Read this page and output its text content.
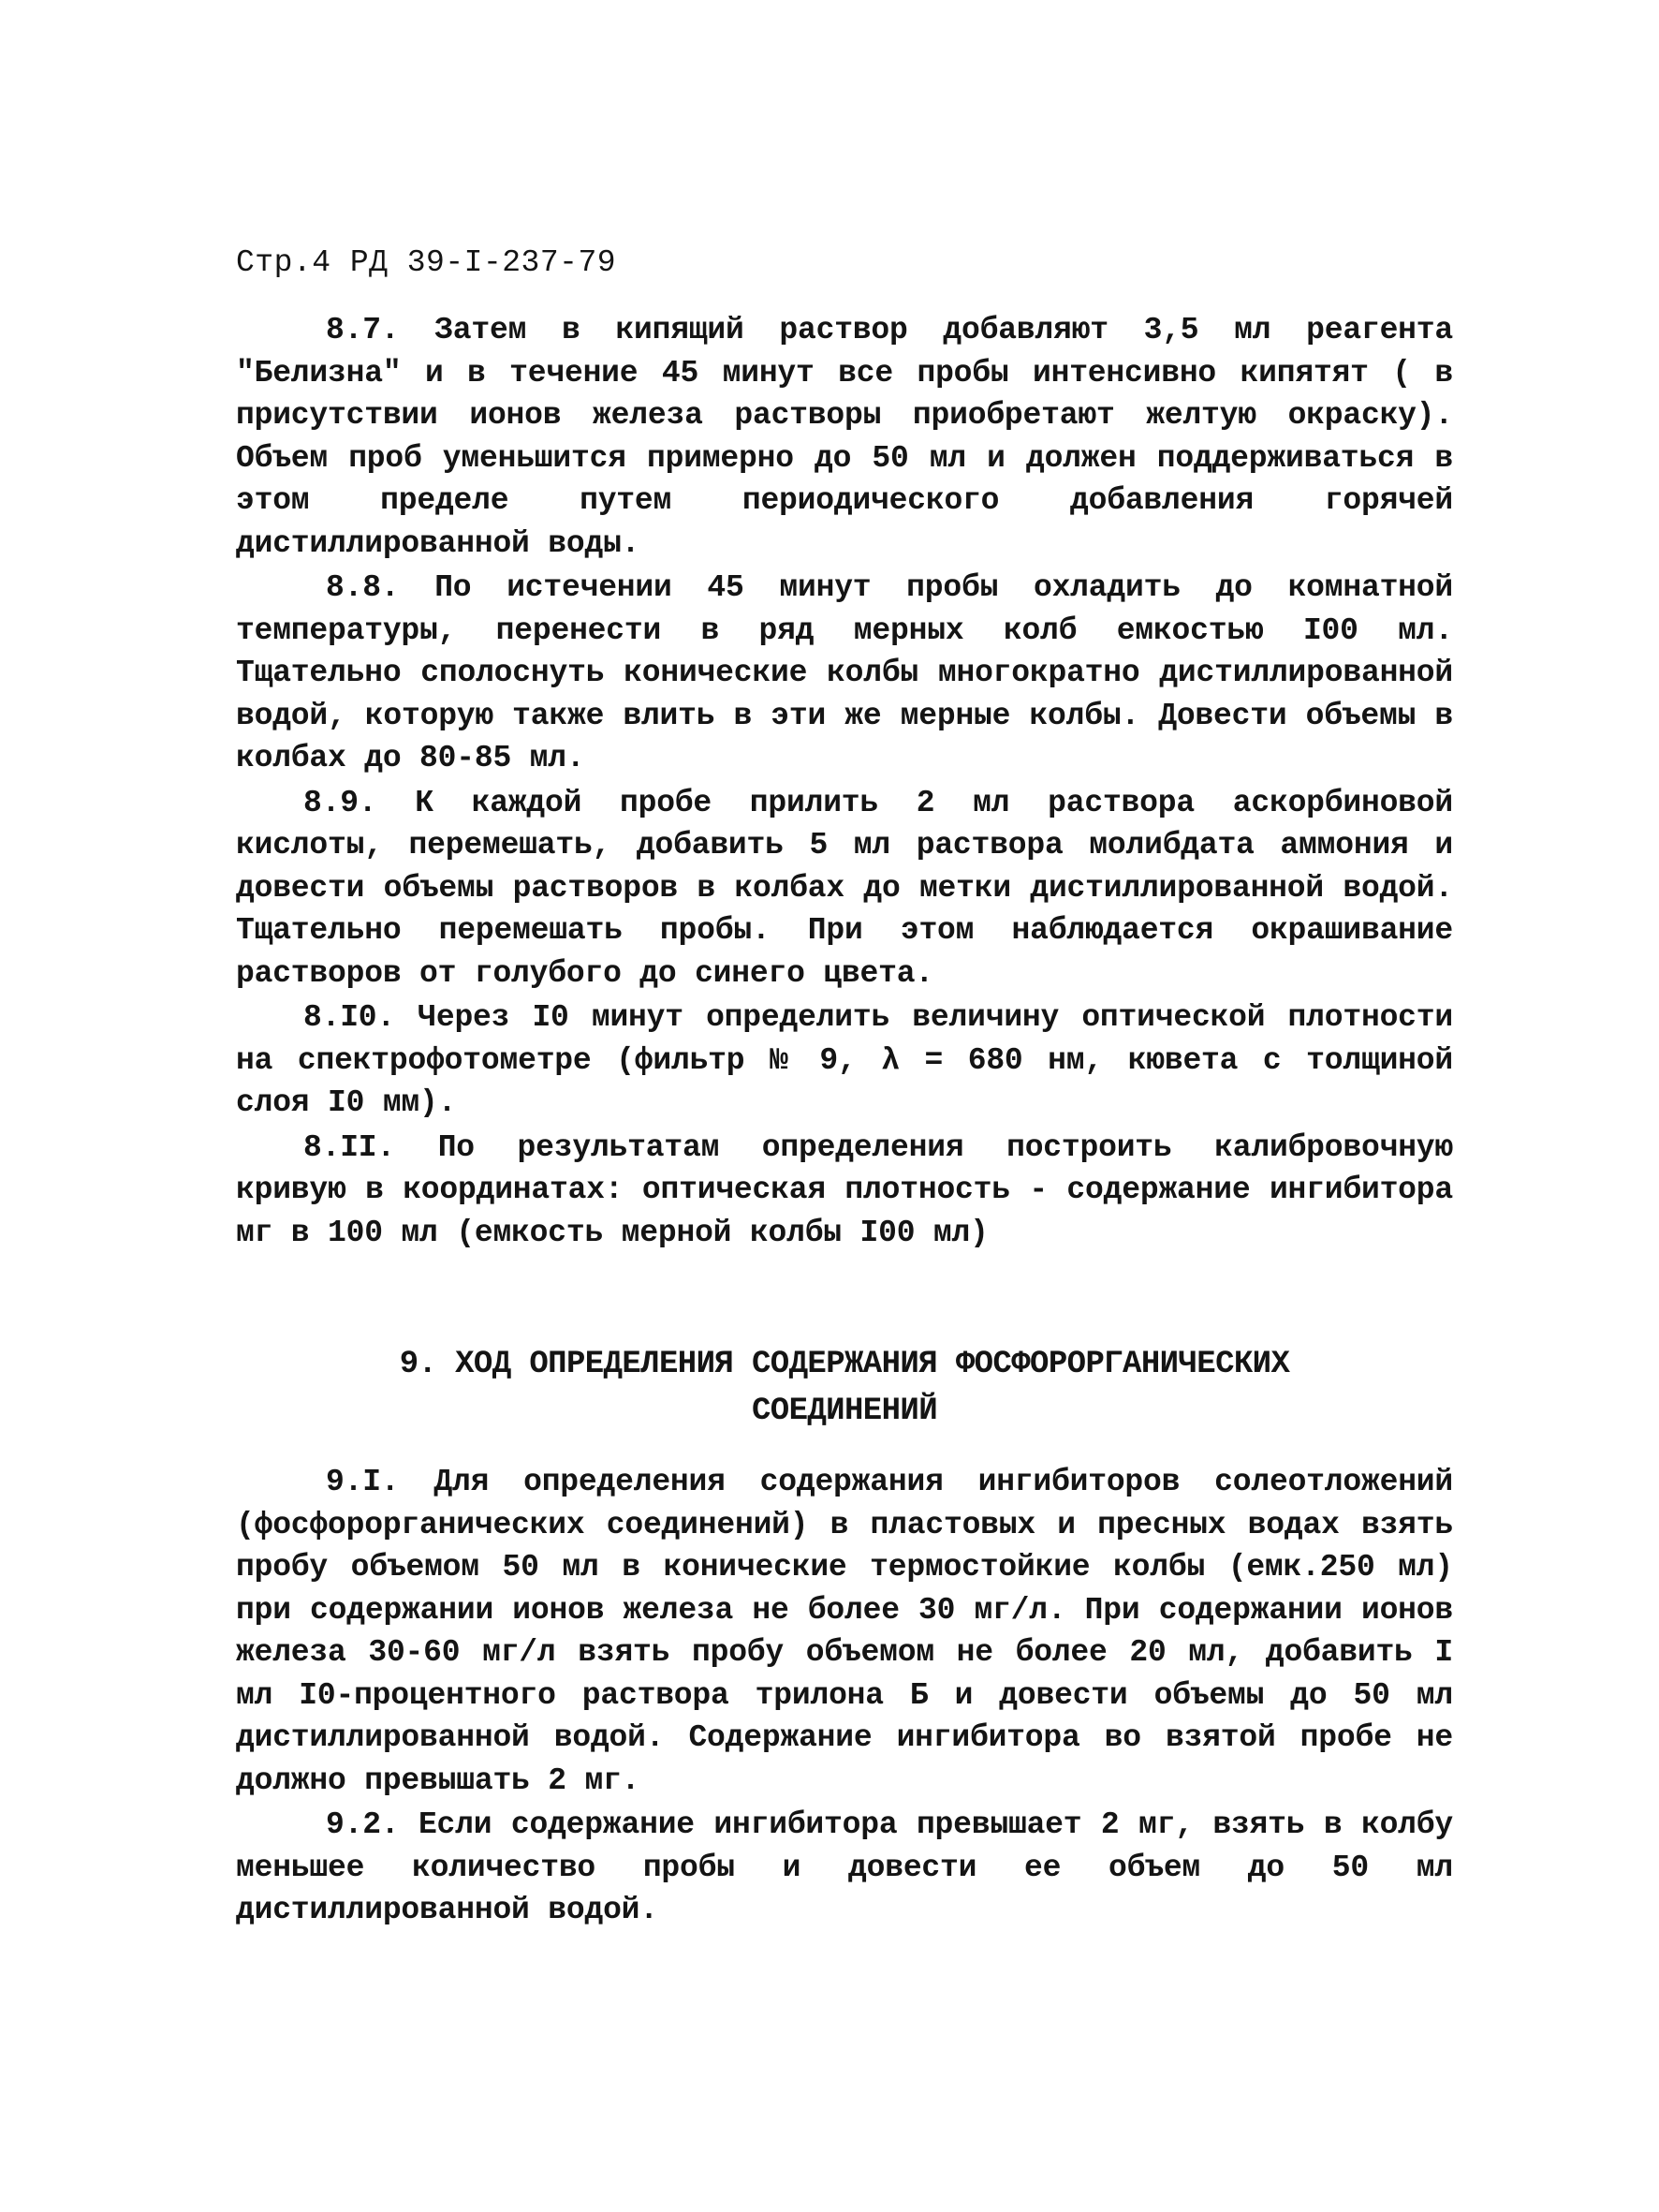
Стр.4 РД 39-I-237-79

8.7. Затем в кипящий раствор добавляют 3,5 мл реагента "Белизна" и в течение 45 минут все пробы интенсивно кипятят ( в присутствии ионов железа растворы приобретают желтую окраску). Объем проб уменьшится примерно до 50 мл и должен поддерживаться в этом пределе путем периодического добавления горячей дистиллированной воды.

8.8. По истечении 45 минут пробы охладить до комнатной температуры, перенести в ряд мерных колб емкостью I00 мл. Тщательно сполоснуть конические колбы многократно дистиллированной водой, которую также влить в эти же мерные колбы. Довести объемы в колбах до 80-85 мл.

8.9. К каждой пробе прилить 2 мл раствора аскорбиновой кислоты, перемешать, добавить 5 мл раствора молибдата аммония и довести объемы растворов в колбах до метки дистиллированной водой. Тщательно перемешать пробы. При этом наблюдается окрашивание растворов от голубого до синего цвета.

8.I0. Через I0 минут определить величину оптической плотности на спектрофотометре (фильтр № 9, λ = 680 нм, кювета с толщиной слоя I0 мм).

8.II. По результатам определения построить калибровочную кривую в координатах: оптическая плотность - содержание ингибитора мг в 100 мл (емкость мерной колбы I00 мл)

9. ХОД ОПРЕДЕЛЕНИЯ СОДЕРЖАНИЯ ФОСФОРОРГАНИЧЕСКИХ
СОЕДИНЕНИЙ

9.I. Для определения содержания ингибиторов солеотложений (фосфорорганических соединений) в пластовых и пресных водах взять пробу объемом 50 мл в конические термостойкие колбы (емк.250 мл) при содержании ионов железа не более 30 мг/л. При содержании ионов железа 30-60 мг/л взять пробу объемом не более 20 мл, добавить I мл I0-процентного раствора трилона Б и довести объемы до 50 мл дистиллированной водой. Содержание ингибитора во взятой пробе не должно превышать 2 мг.

9.2. Если содержание ингибитора превышает 2 мг, взять в колбу меньшее количество пробы и довести ее объем до 50 мл дистиллированной водой.
